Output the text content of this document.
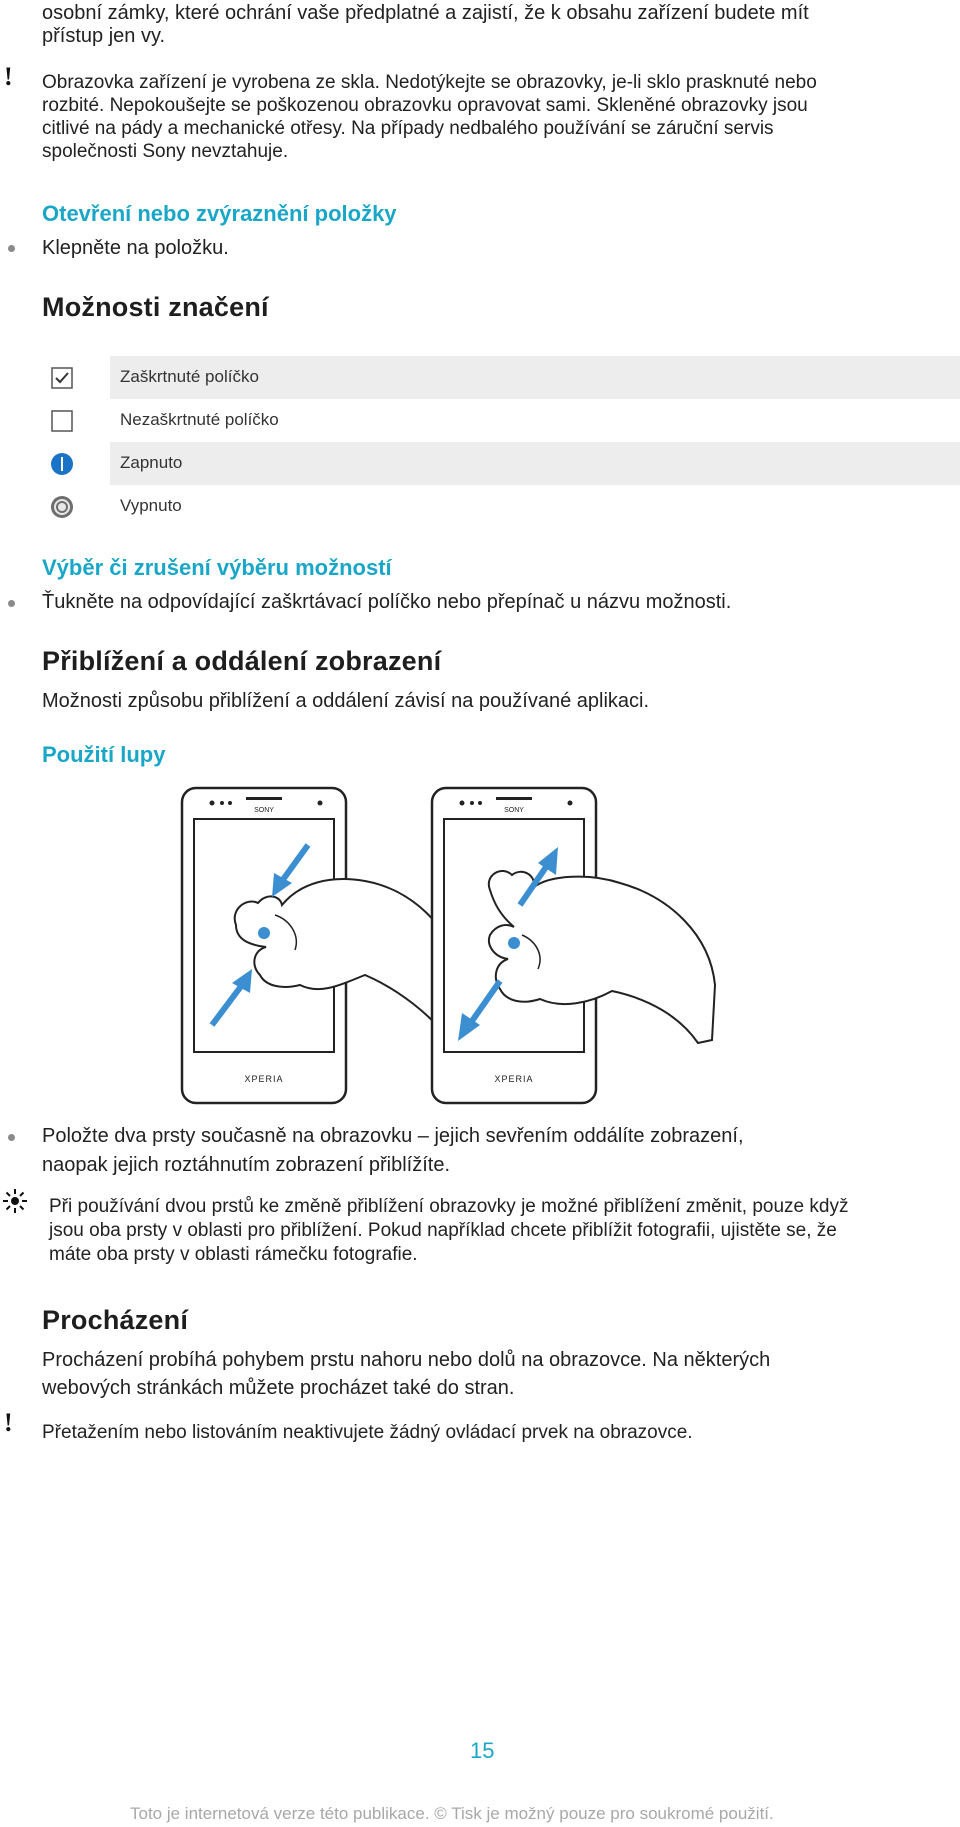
osobní zámky, které ochrání vaše předplatné a zajistí, že k obsahu zařízení budete mít
přístup jen vy.
! Obrazovka zařízení je vyrobena ze skla. Nedotýkejte se obrazovky, je-li sklo prasknuté nebo
rozbité. Nepokoušejte se poškozenou obrazovku opravovat sami. Skleněné obrazovky jsou
citlivé na pády a mechanické otřesy. Na případy nedbalého používání se záruční servis
společnosti Sony nevztahuje.
Otevření nebo zvýraznění položky
Klepněte na položku.
Možnosti značení
Zaškrtnuté políčko
Nezaškrtnuté políčko
Zapnuto
Vypnuto
Výběr či zrušení výběru možností
Ťukněte na odpovídající zaškrtávací políčko nebo přepínač u názvu možnosti.
Přiblížení a oddálení zobrazení
Možnosti způsobu přiblížení a oddálení závisí na používané aplikaci.
Použití lupy
SONY
XPERIA
SONY
XPERIA
Položte dva prsty současně na obrazovku – jejich sevřením oddálíte zobrazení,
naopak jejich roztáhnutím zobrazení přiblížíte.
Při používání dvou prstů ke změně přiblížení obrazovky je možné přiblížení změnit, pouze když
jsou oba prsty v oblasti pro přiblížení. Pokud například chcete přiblížit fotografii, ujistěte se, že
máte oba prsty v oblasti rámečku fotografie.
Procházení
Procházení probíhá pohybem prstu nahoru nebo dolů na obrazovce. Na některých
webových stránkách můžete procházet také do stran.
! Přetažením nebo listováním neaktivujete žádný ovládací prvek na obrazovce.
15
Toto je internetová verze této publikace. © Tisk je možný pouze pro soukromé použití.
